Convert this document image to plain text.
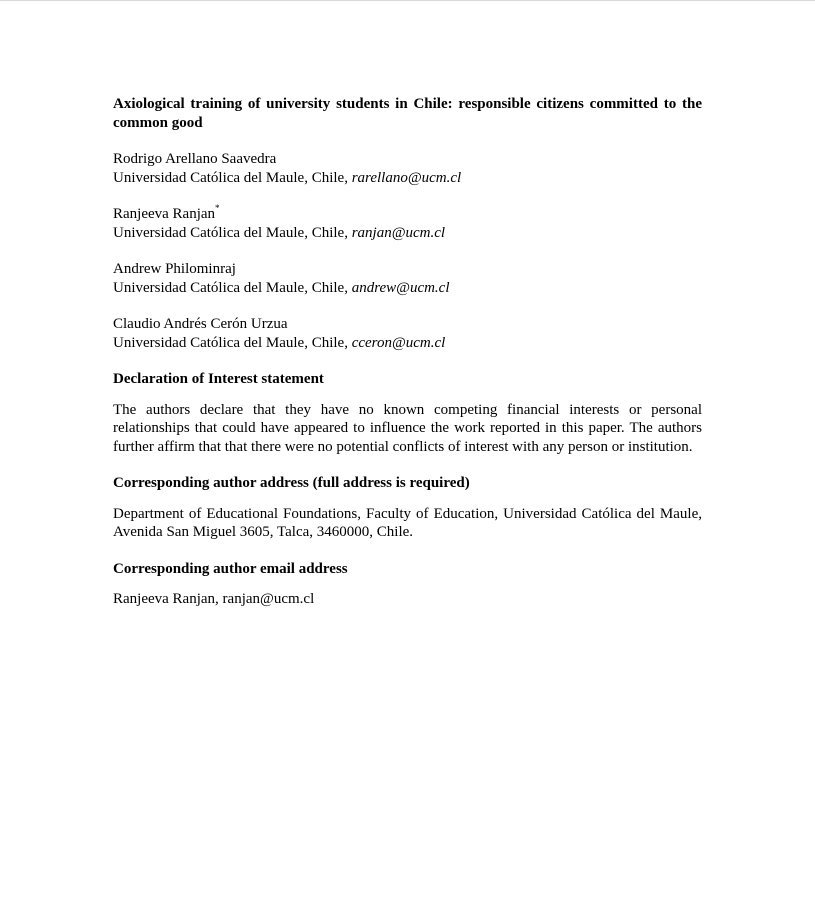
Axiological training of university students in Chile: responsible citizens committed to the common good

Rodrigo Arellano Saavedra
Universidad Católica del Maule, Chile, rarellano@ucm.cl
Ranjeeva Ranjan*
Universidad Católica del Maule, Chile, ranjan@ucm.cl
Andrew Philominraj
Universidad Católica del Maule, Chile, andrew@ucm.cl
Claudio Andrés Cerón Urzua
Universidad Católica del Maule, Chile, cceron@ucm.cl

Declaration of Interest statement

The authors declare that they have no known competing financial interests or personal relationships that could have appeared to influence the work reported in this paper. The authors further affirm that that there were no potential conflicts of interest with any person or institution.

Corresponding author address (full address is required)

Department of Educational Foundations, Faculty of Education, Universidad Católica del Maule, Avenida San Miguel 3605, Talca, 3460000, Chile.

Corresponding author email address

Ranjeeva Ranjan, ranjan@ucm.cl
